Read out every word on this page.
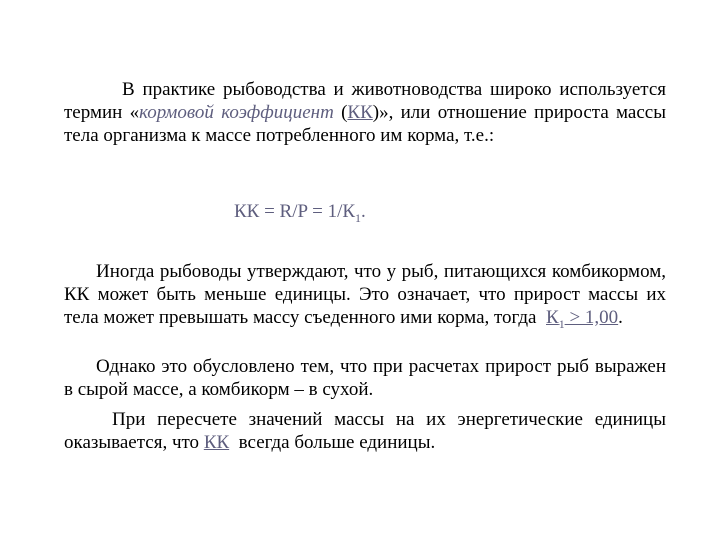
В практике рыбоводства и животноводства широко используется термин «кормовой коэффициент (КК)», или отношение прироста массы тела организма к массе потребленного им корма, т.е.:
КК = $R/P = 1/К_1$.
Иногда рыбоводы утверждают, что у рыб, питающихся комбикормом, КК может быть меньше единицы. Это означает, что прирост массы их тела может превышать массу съеденного ими корма, тогда $К_1 > 1,00$.
Однако это обусловлено тем, что при расчетах прирост рыб выражен в сырой массе, а комбикорм – в сухой.
При пересчете значений массы на их энергетические единицы оказывается, что КК всегда больше единицы.
